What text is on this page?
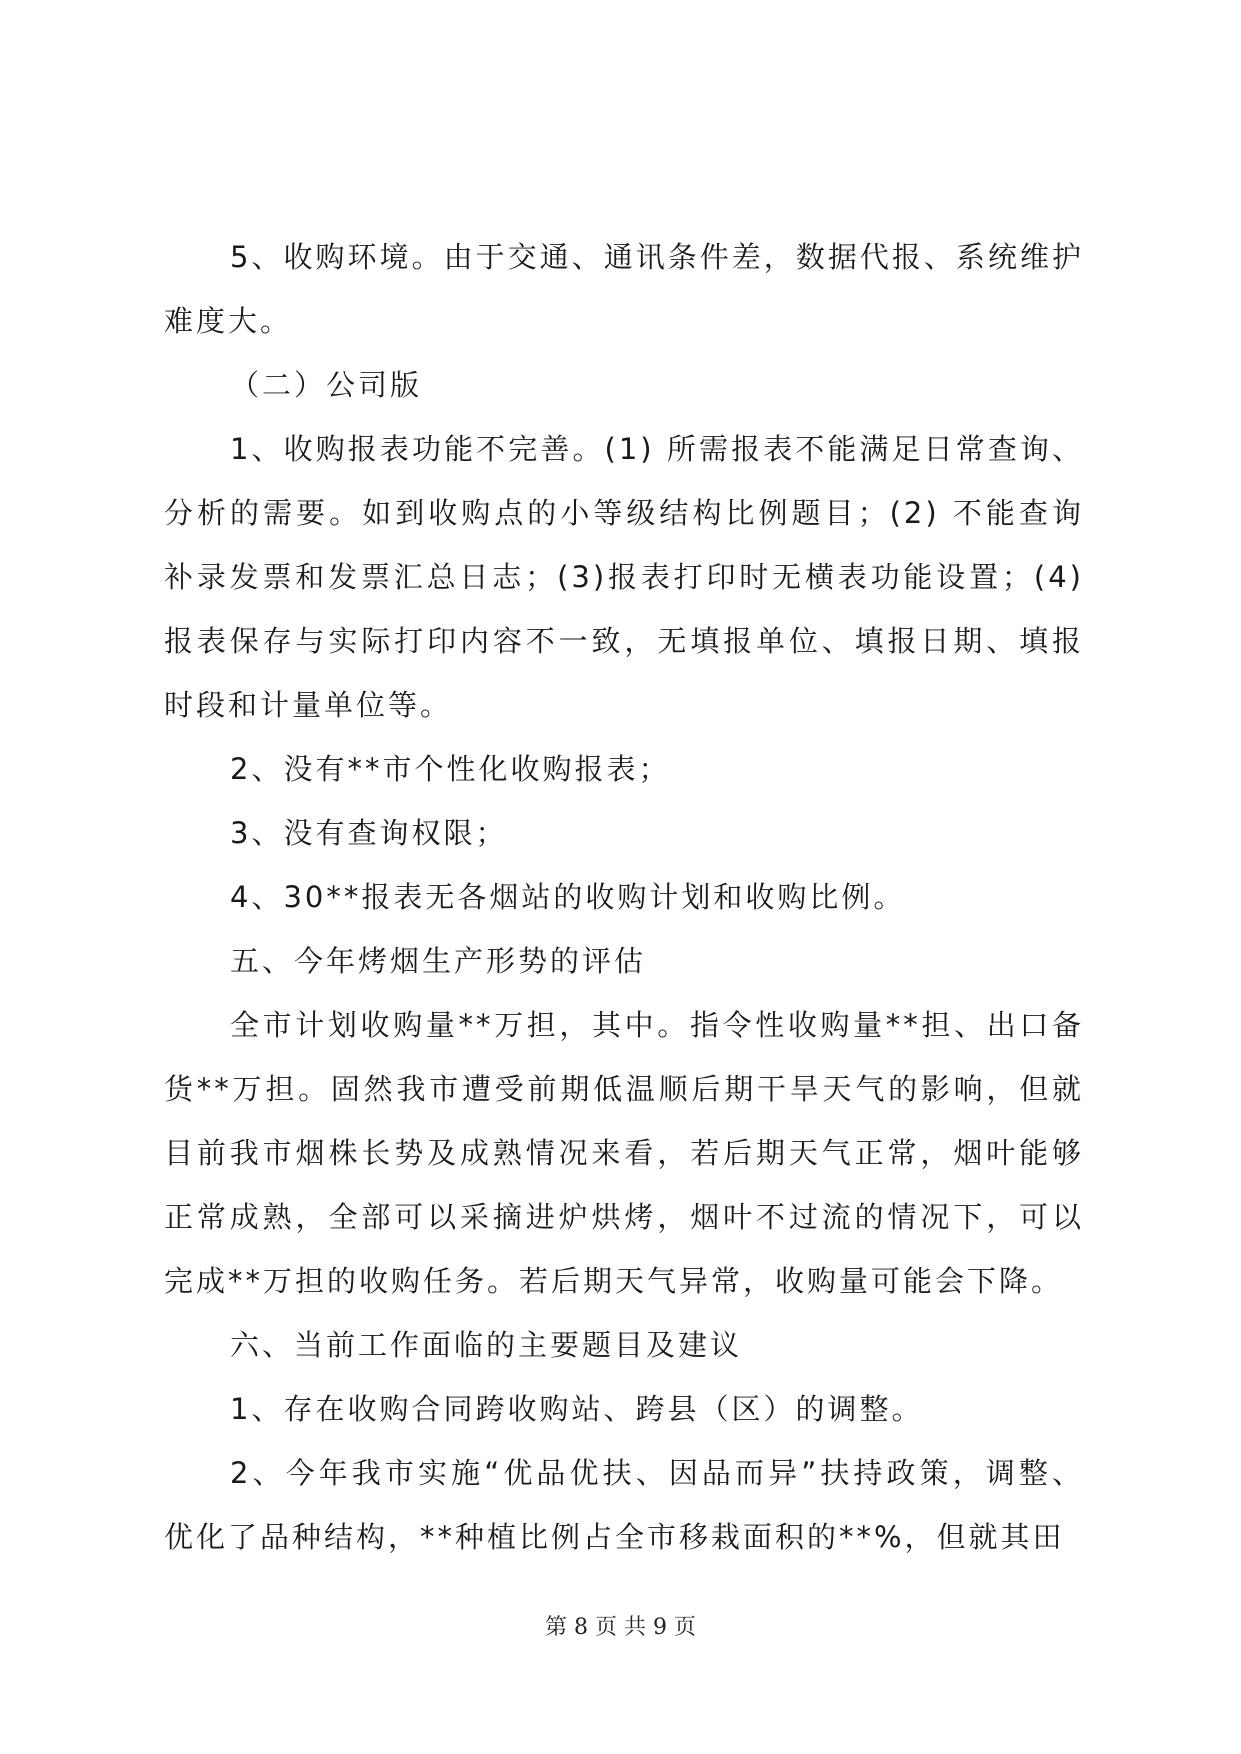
5、收购环境。由于交通、通讯条件差，数据代报、系统维护难度大。

（二）公司版

1、收购报表功能不完善。(1) 所需报表不能满足日常查询、分析的需要。如到收购点的小等级结构比例题目；(2) 不能查询补录发票和发票汇总日志；(3)报表打印时无横表功能设置；(4) 报表保存与实际打印内容不一致，无填报单位、填报日期、填报时段和计量单位等。

2、没有**市个性化收购报表；

3、没有查询权限；

4、30**报表无各烟站的收购计划和收购比例。

五、今年烤烟生产形势的评估

全市计划收购量**万担，其中。指令性收购量**担、出口备货**万担。固然我市遭受前期低温顺后期干旱天气的影响，但就目前我市烟株长势及成熟情况来看，若后期天气正常，烟叶能够正常成熟，全部可以采摘进炉烘烤，烟叶不过流的情况下，可以完成**万担的收购任务。若后期天气异常，收购量可能会下降。

六、当前工作面临的主要题目及建议

1、存在收购合同跨收购站、跨县（区）的调整。

2、今年我市实施“优品优扶、因品而异”扶持政策，调整、优化了品种结构，**种植比例占全市移栽面积的**%，但就其田

第 8 页 共 9 页
